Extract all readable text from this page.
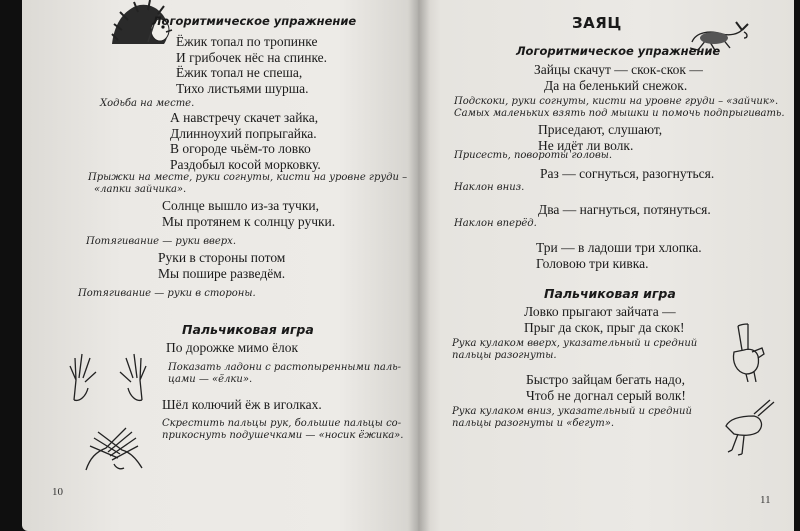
Логоритмическое упражнение
Ёжик топал по тропинке
И грибочек нёс на спинке.
Ёжик топал не спеша,
Тихо листьями шурша.
Ходьба на месте.
А навстречу скачет зайка,
Длинноухий попрыгайка.
В огороде чьём-то ловко
Раздобыл косой морковку.
Прыжки на месте, руки согнуты, кисти на уровне груди –
«лапки зайчика».
Солнце вышло из-за тучки,
Мы протянем к солнцу ручки.
Потягивание — руки вверх.
Руки в стороны потом
Мы пошире разведём.
Потягивание — руки в стороны.
Пальчиковая игра
По дорожке мимо ёлок
Показать ладони с растопыренными паль-
цами — «ёлки».
Шёл колючий ёж в иголках.
Скрестить пальцы рук, большие пальцы со-
прикоснуть подушечками — «носик ёжика».
10
ЗАЯЦ
Логоритмическое упражнение
Зайцы скачут — скок-скок —
Да на беленький снежок.
Подскоки, руки согнуты, кисти на уровне груди – «зайчик».
Самых маленьких взять под мышки и помочь подпрыгивать.
Приседают, слушают,
Не идёт ли волк.
Присесть, повороты головы.
Раз — согнуться, разогнуться.
Наклон вниз.
Два — нагнуться, потянуться.
Наклон вперёд.
Три — в ладоши три хлопка.
Головою три кивка.
Пальчиковая игра
Ловко прыгают зайчата —
Прыг да скок, прыг да скок!
Рука кулаком вверх, указательный и средний
пальцы разогнуты.
Быстро зайцам бегать надо,
Чтоб не догнал серый волк!
Рука кулаком вниз, указательный и средний
пальцы разогнуты и «бегут».
11
